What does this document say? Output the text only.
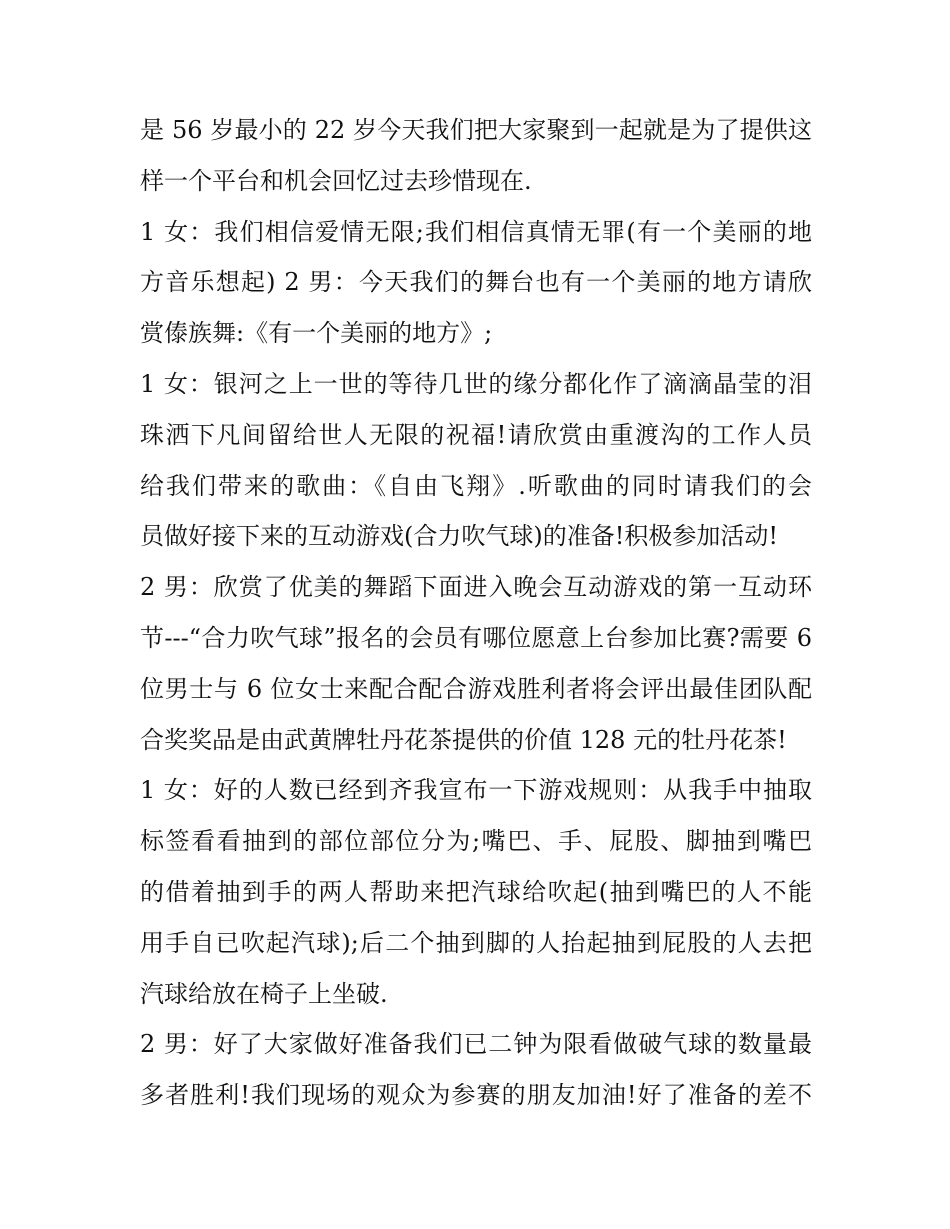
是 56 岁最小的 22 岁今天我们把大家聚到一起就是为了提供这
样一个平台和机会回忆过去珍惜现在.
1 女：我们相信爱情无限;我们相信真情无罪(有一个美丽的地
方音乐想起) 2 男：今天我们的舞台也有一个美丽的地方请欣
赏傣族舞:《有一个美丽的地方》;
1 女：银河之上一世的等待几世的缘分都化作了滴滴晶莹的泪
珠洒下凡间留给世人无限的祝福!请欣赏由重渡沟的工作人员
给我们带来的歌曲：《自由飞翔》.听歌曲的同时请我们的会
员做好接下来的互动游戏(合力吹气球)的准备!积极参加活动!
2 男：欣赏了优美的舞蹈下面进入晚会互动游戏的第一互动环
节---“合力吹气球”报名的会员有哪位愿意上台参加比赛?需要 6
位男士与 6 位女士来配合配合游戏胜利者将会评出最佳团队配
合奖奖品是由武黄牌牡丹花茶提供的价值 128 元的牡丹花茶!
1 女：好的人数已经到齐我宣布一下游戏规则：从我手中抽取
标签看看抽到的部位部位分为;嘴巴、手、屁股、脚抽到嘴巴
的借着抽到手的两人帮助来把汽球给吹起(抽到嘴巴的人不能
用手自已吹起汽球);后二个抽到脚的人抬起抽到屁股的人去把
汽球给放在椅子上坐破.
2 男：好了大家做好准备我们已二钟为限看做破气球的数量最
多者胜利!我们现场的观众为参赛的朋友加油!好了准备的差不
